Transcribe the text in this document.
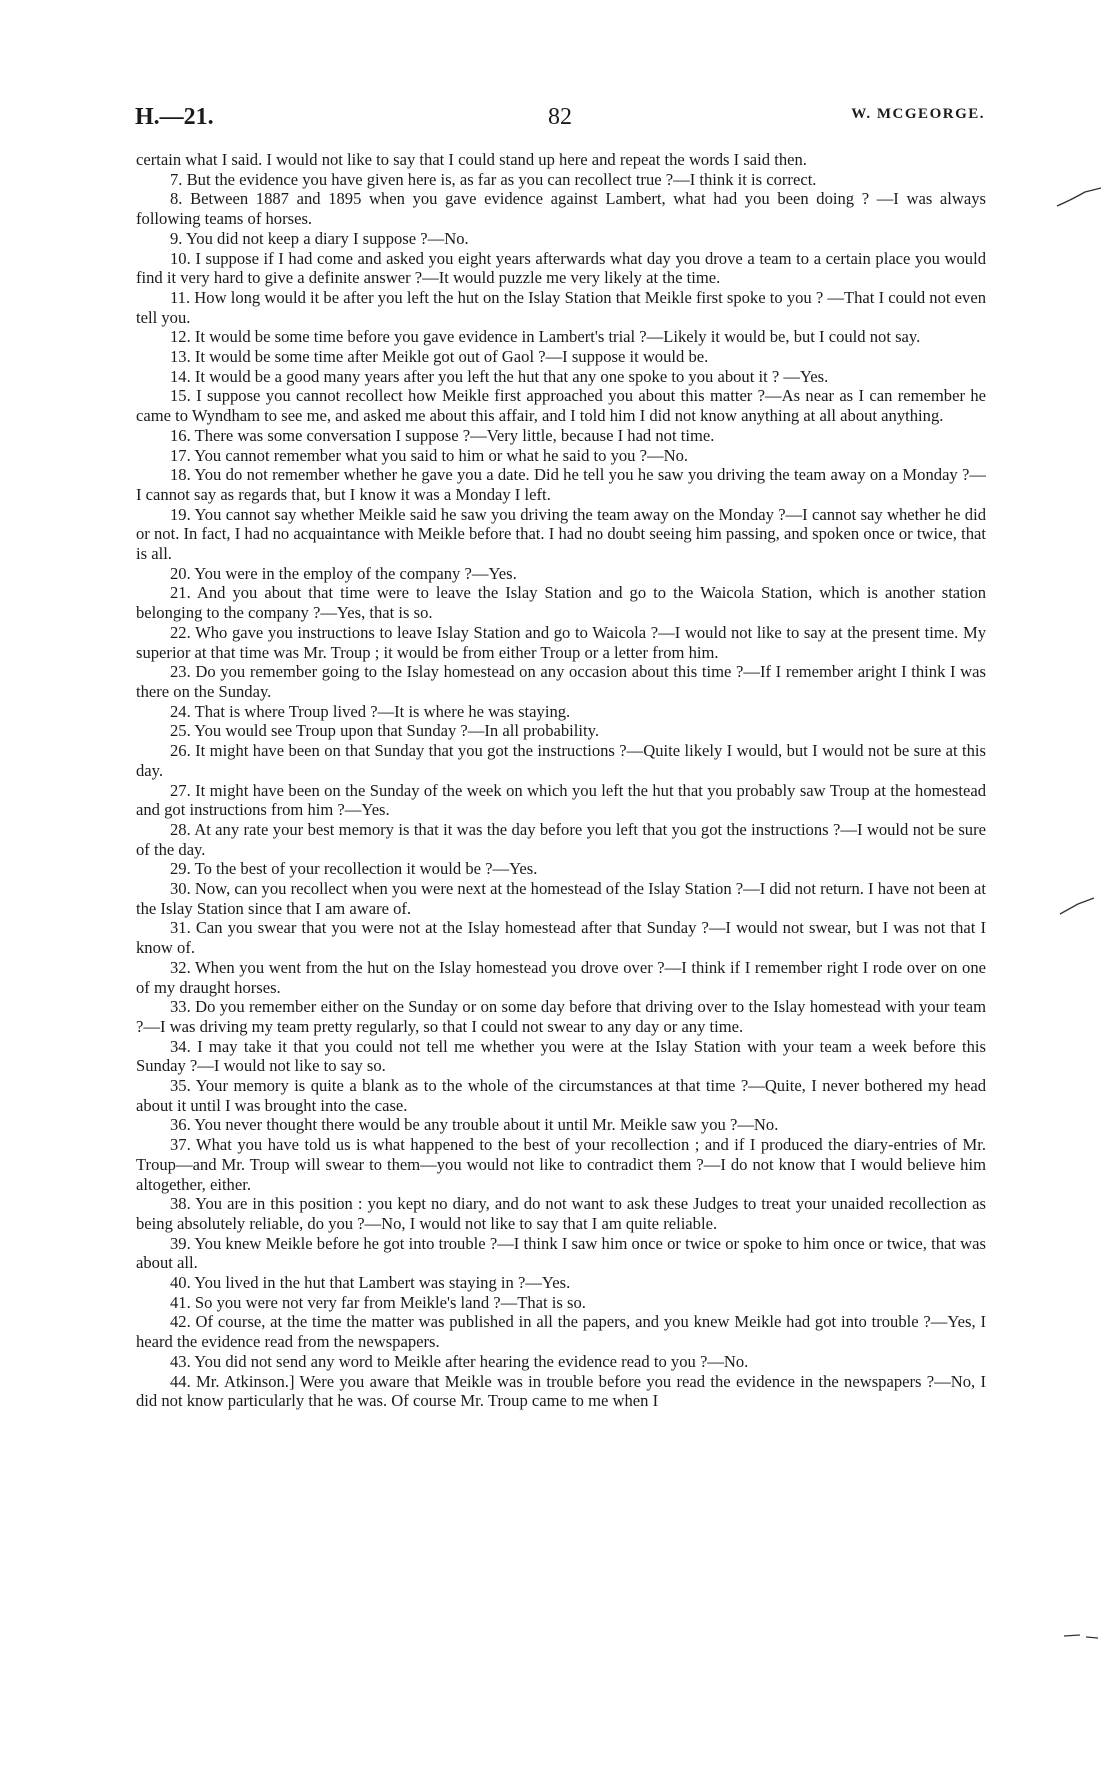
82
H.—21.	W. MCGEORGE.

certain what I said. I would not like to say that I could stand up here and repeat the words I said then.

7. But the evidence you have given here is, as far as you can recollect true ?—I think it is correct.

8. Between 1887 and 1895 when you gave evidence against Lambert, what had you been doing ? —I was always following teams of horses.

9. You did not keep a diary I suppose ?—No.

10. I suppose if I had come and asked you eight years afterwards what day you drove a team to a certain place you would find it very hard to give a definite answer ?—It would puzzle me very likely at the time.

11. How long would it be after you left the hut on the Islay Station that Meikle first spoke to you ? —That I could not even tell you.

12. It would be some time before you gave evidence in Lambert's trial ?—Likely it would be, but I could not say.

13. It would be some time after Meikle got out of Gaol ?—I suppose it would be.

14. It would be a good many years after you left the hut that any one spoke to you about it ? —Yes.

15. I suppose you cannot recollect how Meikle first approached you about this matter ?—As near as I can remember he came to Wyndham to see me, and asked me about this affair, and I told him I did not know anything at all about anything.

16. There was some conversation I suppose ?—Very little, because I had not time.

17. You cannot remember what you said to him or what he said to you ?—No.

18. You do not remember whether he gave you a date. Did he tell you he saw you driving the team away on a Monday ?—I cannot say as regards that, but I know it was a Monday I left.

19. You cannot say whether Meikle said he saw you driving the team away on the Monday ?—I cannot say whether he did or not. In fact, I had no acquaintance with Meikle before that. I had no doubt seeing him passing, and spoken once or twice, that is all.

20. You were in the employ of the company ?—Yes.

21. And you about that time were to leave the Islay Station and go to the Waicola Station, which is another station belonging to the company ?—Yes, that is so.

22. Who gave you instructions to leave Islay Station and go to Waicola ?—I would not like to say at the present time. My superior at that time was Mr. Troup ; it would be from either Troup or a letter from him.

23. Do you remember going to the Islay homestead on any occasion about this time ?—If I remember aright I think I was there on the Sunday.

24. That is where Troup lived ?—It is where he was staying.

25. You would see Troup upon that Sunday ?—In all probability.

26. It might have been on that Sunday that you got the instructions ?—Quite likely I would, but I would not be sure at this day.

27. It might have been on the Sunday of the week on which you left the hut that you probably saw Troup at the homestead and got instructions from him ?—Yes.

28. At any rate your best memory is that it was the day before you left that you got the instructions ?—I would not be sure of the day.

29. To the best of your recollection it would be ?—Yes.

30. Now, can you recollect when you were next at the homestead of the Islay Station ?—I did not return. I have not been at the Islay Station since that I am aware of.

31. Can you swear that you were not at the Islay homestead after that Sunday ?—I would not swear, but I was not that I know of.

32. When you went from the hut on the Islay homestead you drove over ?—I think if I remember right I rode over on one of my draught horses.

33. Do you remember either on the Sunday or on some day before that driving over to the Islay homestead with your team ?—I was driving my team pretty regularly, so that I could not swear to any day or any time.

34. I may take it that you could not tell me whether you were at the Islay Station with your team a week before this Sunday ?—I would not like to say so.

35. Your memory is quite a blank as to the whole of the circumstances at that time ?—Quite, I never bothered my head about it until I was brought into the case.

36. You never thought there would be any trouble about it until Mr. Meikle saw you ?—No.

37. What you have told us is what happened to the best of your recollection ; and if I produced the diary-entries of Mr. Troup—and Mr. Troup will swear to them—you would not like to contradict them ?—I do not know that I would believe him altogether, either.

38. You are in this position : you kept no diary, and do not want to ask these Judges to treat your unaided recollection as being absolutely reliable, do you ?—No, I would not like to say that I am quite reliable.

39. You knew Meikle before he got into trouble ?—I think I saw him once or twice or spoke to him once or twice, that was about all.

40. You lived in the hut that Lambert was staying in ?—Yes.

41. So you were not very far from Meikle's land ?—That is so.

42. Of course, at the time the matter was published in all the papers, and you knew Meikle had got into trouble ?—Yes, I heard the evidence read from the newspapers.

43. You did not send any word to Meikle after hearing the evidence read to you ?—No.

44. Mr. Atkinson.] Were you aware that Meikle was in trouble before you read the evidence in the newspapers ?—No, I did not know particularly that he was. Of course Mr. Troup came to me when I
